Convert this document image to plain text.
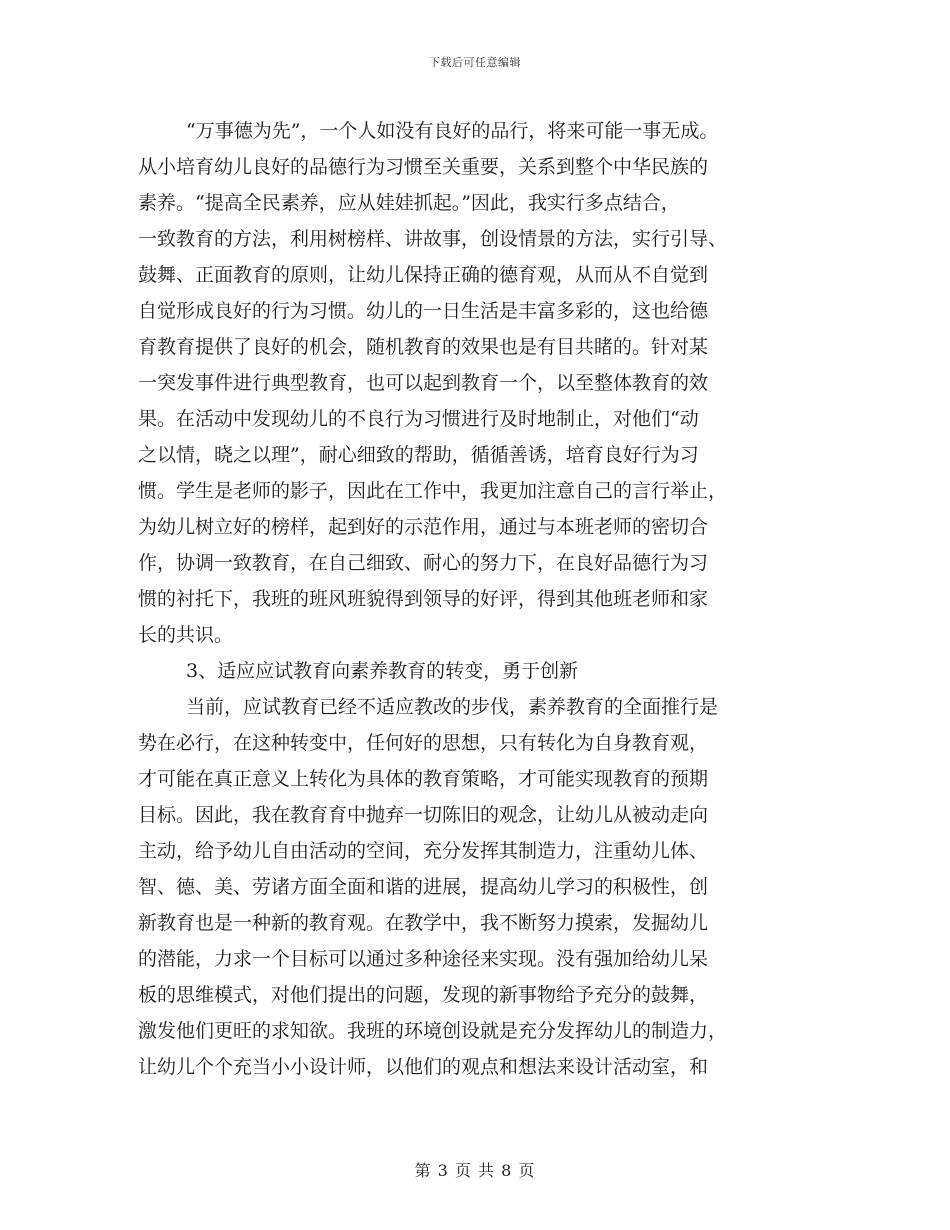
下载后可任意编辑
“万事德为先”，一个人如没有良好的品行，将来可能一事无成。
从小培育幼儿良好的品德行为习惯至关重要，关系到整个中华民族的
素养。“提高全民素养，应从娃娃抓起。”因此，我实行多点结合，
一致教育的方法，利用树榜样、讲故事，创设情景的方法，实行引导、
鼓舞、正面教育的原则，让幼儿保持正确的德育观，从而从不自觉到
自觉形成良好的行为习惯。幼儿的一日生活是丰富多彩的，这也给德
育教育提供了良好的机会，随机教育的效果也是有目共睹的。针对某
一突发事件进行典型教育，也可以起到教育一个，以至整体教育的效
果。在活动中发现幼儿的不良行为习惯进行及时地制止，对他们“动
之以情，晓之以理”，耐心细致的帮助，循循善诱，培育良好行为习
惯。学生是老师的影子，因此在工作中，我更加注意自己的言行举止，
为幼儿树立好的榜样，起到好的示范作用，通过与本班老师的密切合
作，协调一致教育，在自己细致、耐心的努力下，在良好品德行为习
惯的衬托下，我班的班风班貌得到领导的好评，得到其他班老师和家
长的共识。
3、适应应试教育向素养教育的转变，勇于创新
当前，应试教育已经不适应教改的步伐，素养教育的全面推行是
势在必行，在这种转变中，任何好的思想，只有转化为自身教育观，
才可能在真正意义上转化为具体的教育策略，才可能实现教育的预期
目标。因此，我在教育育中抛弃一切陈旧的观念，让幼儿从被动走向
主动，给予幼儿自由活动的空间，充分发挥其制造力，注重幼儿体、
智、德、美、劳诸方面全面和谐的进展，提高幼儿学习的积极性，创
新教育也是一种新的教育观。在教学中，我不断努力摸索，发掘幼儿
的潜能，力求一个目标可以通过多种途径来实现。没有强加给幼儿呆
板的思维模式，对他们提出的问题，发现的新事物给予充分的鼓舞，
激发他们更旺的求知欲。我班的环境创设就是充分发挥幼儿的制造力，
让幼儿个个充当小小设计师，以他们的观点和想法来设计活动室，和
第 3 页 共 8 页
